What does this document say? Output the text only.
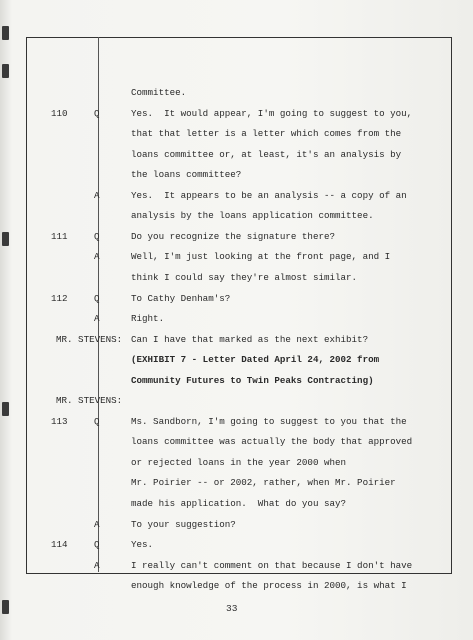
Committee.
110	Q	Yes.  It would appear, I'm going to suggest to you,
that that letter is a letter which comes from the
loans committee or, at least, it's an analysis by
the loans committee?
A	Yes.  It appears to be an analysis -- a copy of an
analysis by the loans application committee.
111	Q	Do you recognize the signature there?
A	Well, I'm just looking at the front page, and I
think I could say they're almost similar.
112	Q	To Cathy Denham's?
A	Right.
MR. STEVENS: Can I have that marked as the next exhibit?
(EXHIBIT 7 - Letter Dated April 24, 2002 from
Community Futures to Twin Peaks Contracting)
MR. STEVENS:
113	Q	Ms. Sandborn, I'm going to suggest to you that the
loans committee was actually the body that approved
or rejected loans in the year 2000 when
Mr. Poirier -- or 2002, rather, when Mr. Poirier
made his application.  What do you say?
A	To your suggestion?
114	Q	Yes.
A	I really can't comment on that because I don't have
enough knowledge of the process in 2000, is what I
33
